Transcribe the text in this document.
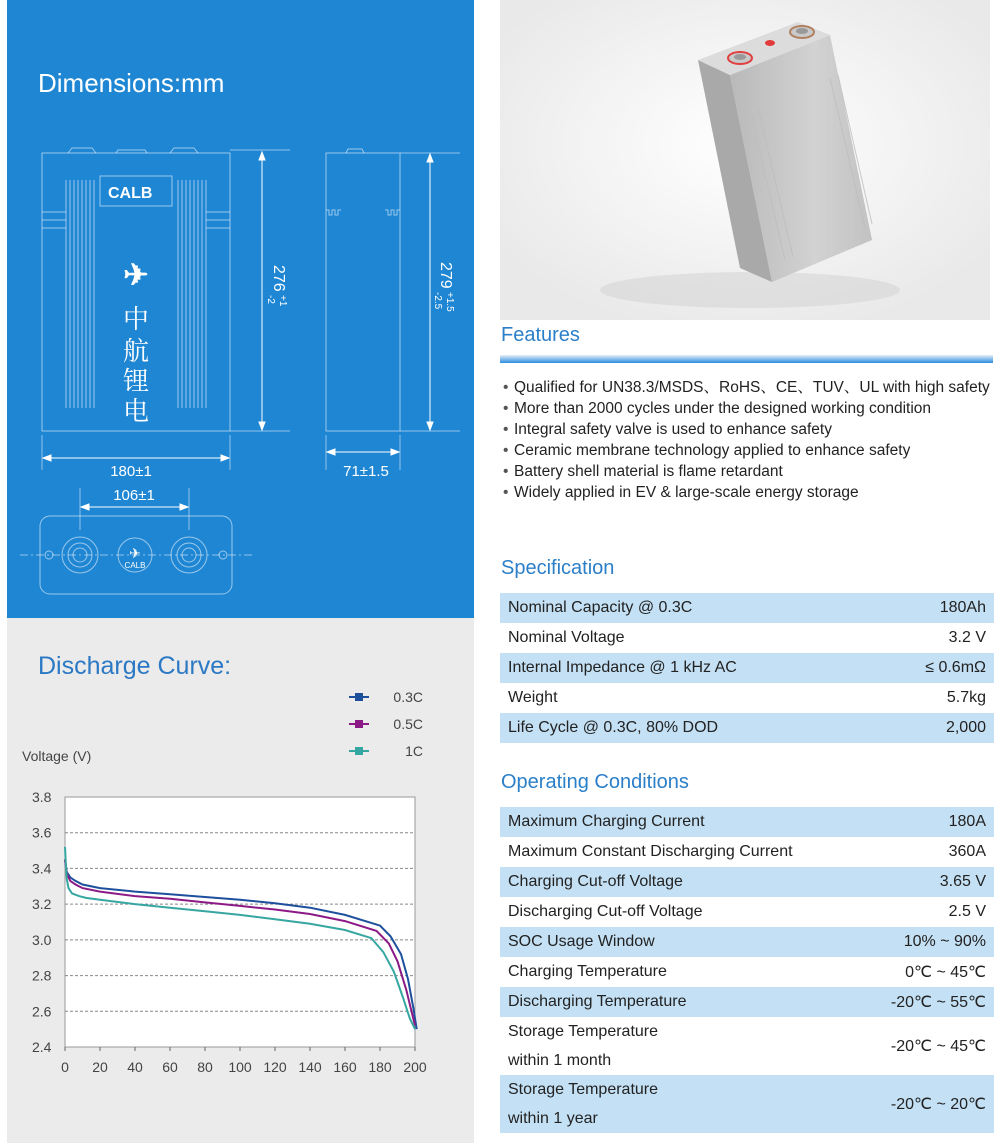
Dimensions:mm
CALB
✈
中
航
锂
电
276
+1
-2
279
+1.5
-2.5
180±1	71±1.5
106±1
✈
CALB
Discharge Curve:
2.4
2.6
2.8
3.0
3.2
3.4
3.6
3.8
0 20 40 60 80 100 120 140 160 180 200
Voltage (V)
0.3C
0.5C
1C
Features
• Qualified for UN38.3/MSDS、RoHS、CE、TUV、UL with high safety
• More than 2000 cycles under the designed working condition
• Integral safety valve is used to enhance safety
• Ceramic membrane technology applied to enhance safety
• Battery shell material is flame retardant
• Widely applied in EV & large-scale energy storage
Specification
Nominal Capacity @ 0.3C	180Ah
Nominal Voltage	3.2 V
Internal Impedance @ 1 kHz AC	≤ 0.6mΩ
Weight	5.7kg
Life Cycle @ 0.3C, 80% DOD	2,000
Operating Conditions
Maximum Charging Current	180A
Maximum Constant Discharging Current	360A
Charging Cut-off Voltage	3.65 V
Discharging Cut-off Voltage	2.5 V
SOC Usage Window	10% ~ 90%
Charging Temperature	0℃ ~ 45℃
Discharging Temperature	-20℃ ~ 55℃
Storage Temperature
within 1 month	-20℃ ~ 45℃
Storage Temperature
within 1 year	-20℃ ~ 20℃
